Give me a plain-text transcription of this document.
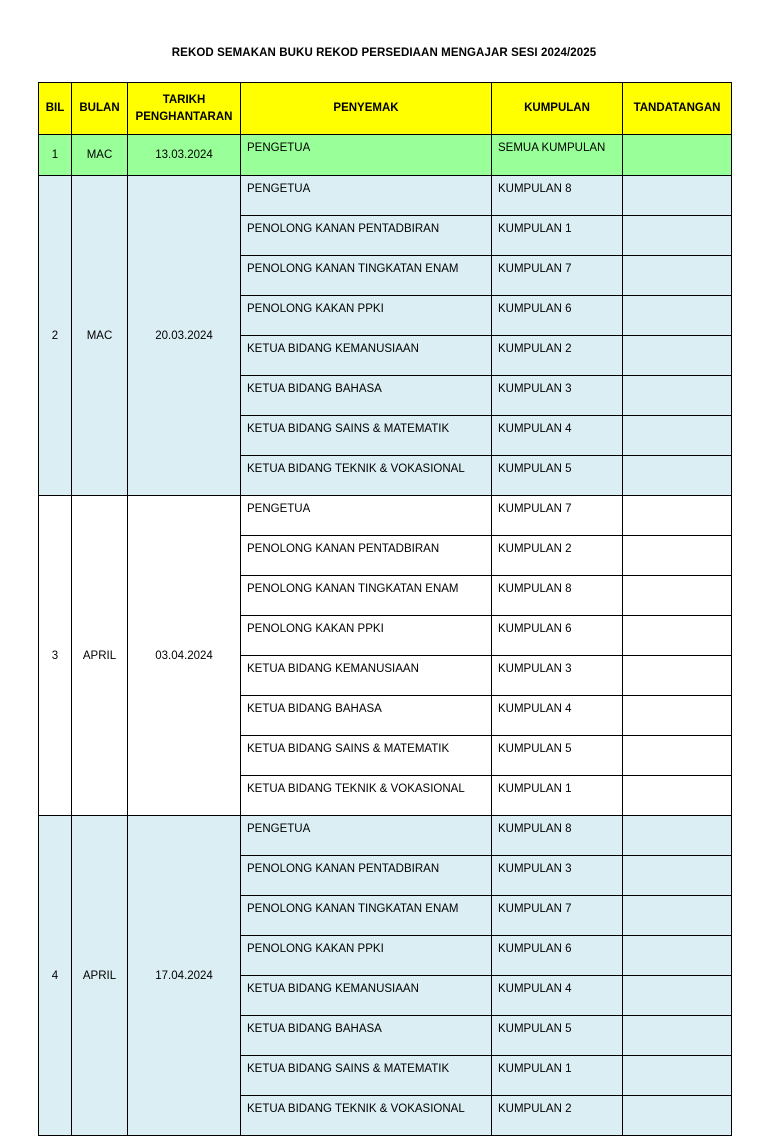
REKOD SEMAKAN BUKU REKOD PERSEDIAAN MENGAJAR SESI 2024/2025
BIL	BULAN	TARIKH
PENGHANTARAN	PENYEMAK	KUMPULAN	TANDATANGAN
1	MAC	13.03.2024	PENGETUA	SEMUA KUMPULAN	
2	MAC	20.03.2024	PENGETUA	KUMPULAN 8	
			PENOLONG KANAN PENTADBIRAN	KUMPULAN 1	
			PENOLONG KANAN TINGKATAN ENAM	KUMPULAN 7	
			PENOLONG KAKAN PPKI	KUMPULAN 6	
			KETUA BIDANG KEMANUSIAAN	KUMPULAN 2	
			KETUA BIDANG BAHASA	KUMPULAN 3	
			KETUA BIDANG SAINS & MATEMATIK	KUMPULAN 4	
			KETUA BIDANG TEKNIK & VOKASIONAL	KUMPULAN 5	
3	APRIL	03.04.2024	PENGETUA	KUMPULAN 7	
			PENOLONG KANAN PENTADBIRAN	KUMPULAN 2	
			PENOLONG KANAN TINGKATAN ENAM	KUMPULAN 8	
			PENOLONG KAKAN PPKI	KUMPULAN 6	
			KETUA BIDANG KEMANUSIAAN	KUMPULAN 3	
			KETUA BIDANG BAHASA	KUMPULAN 4	
			KETUA BIDANG SAINS & MATEMATIK	KUMPULAN 5	
			KETUA BIDANG TEKNIK & VOKASIONAL	KUMPULAN 1	
4	APRIL	17.04.2024	PENGETUA	KUMPULAN 8	
			PENOLONG KANAN PENTADBIRAN	KUMPULAN 3	
			PENOLONG KANAN TINGKATAN ENAM	KUMPULAN 7	
			PENOLONG KAKAN PPKI	KUMPULAN 6	
			KETUA BIDANG KEMANUSIAAN	KUMPULAN 4	
			KETUA BIDANG BAHASA	KUMPULAN 5	
			KETUA BIDANG SAINS & MATEMATIK	KUMPULAN 1	
			KETUA BIDANG TEKNIK & VOKASIONAL	KUMPULAN 2	
